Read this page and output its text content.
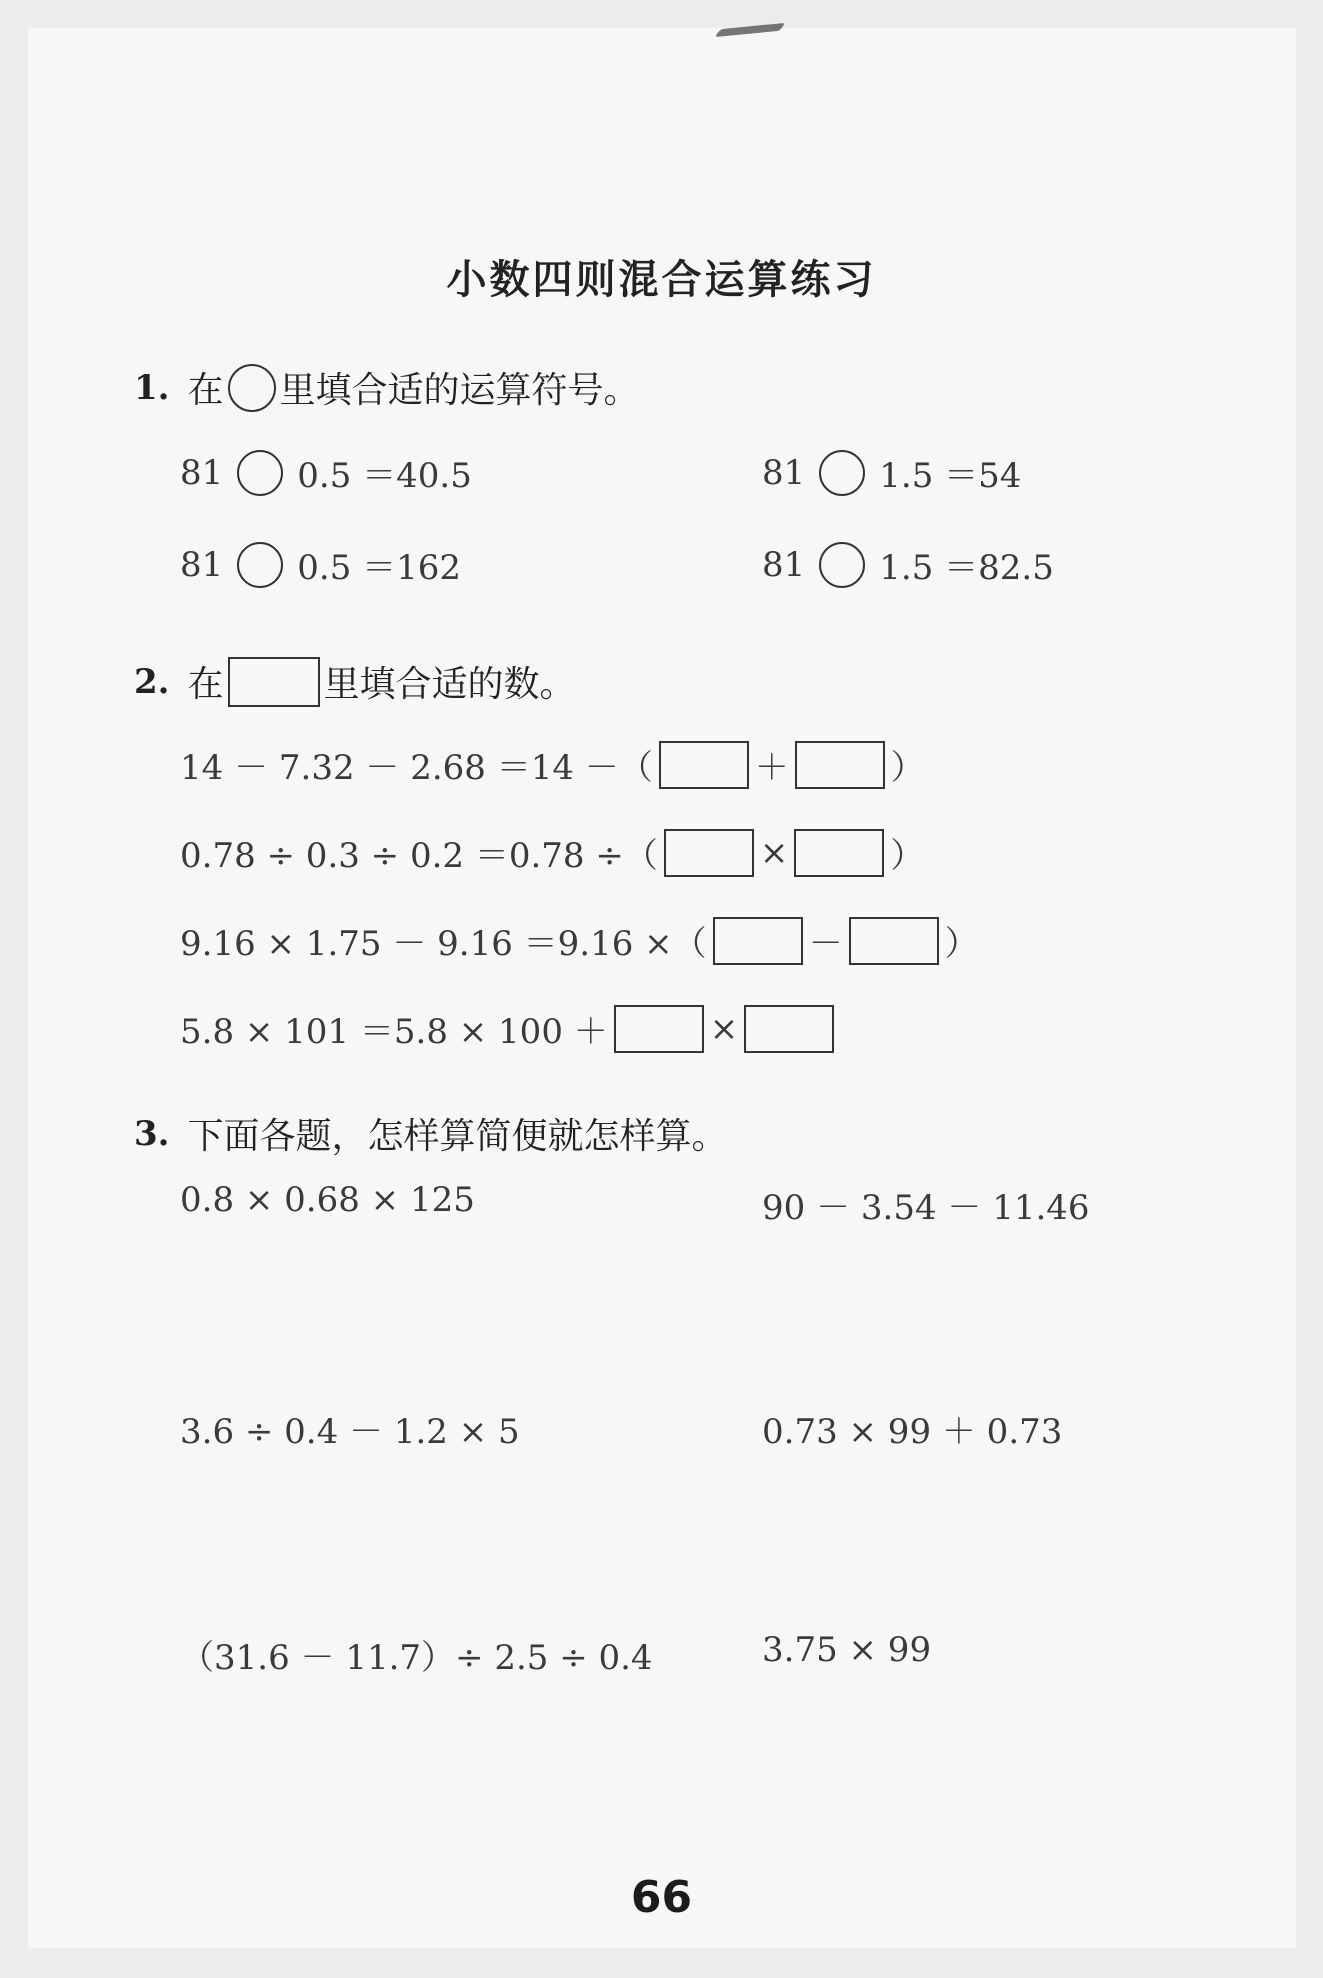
小数四则混合运算练习
1. 在 里填合适的运算符号。
81 0.5 ＝40.5	81 1.5 ＝54
81 0.5 ＝162	81 1.5 ＝82.5
2. 在	里填合适的数。
14 － 7.32 － 2.68 ＝14 －（	＋	）
0.78 ÷ 0.3 ÷ 0.2 ＝0.78 ÷（	×	）
9.16 × 1.75 － 9.16 ＝9.16 ×（	－	）
5.8 × 101 ＝5.8 × 100 ＋	×
3. 下面各题，怎样算简便就怎样算。
0.8 × 0.68 × 125	90 － 3.54 － 11.46
3.6 ÷ 0.4 － 1.2 × 5	0.73 × 99 ＋ 0.73
（31.6 － 11.7）÷ 2.5 ÷ 0.4	3.75 × 99
66
